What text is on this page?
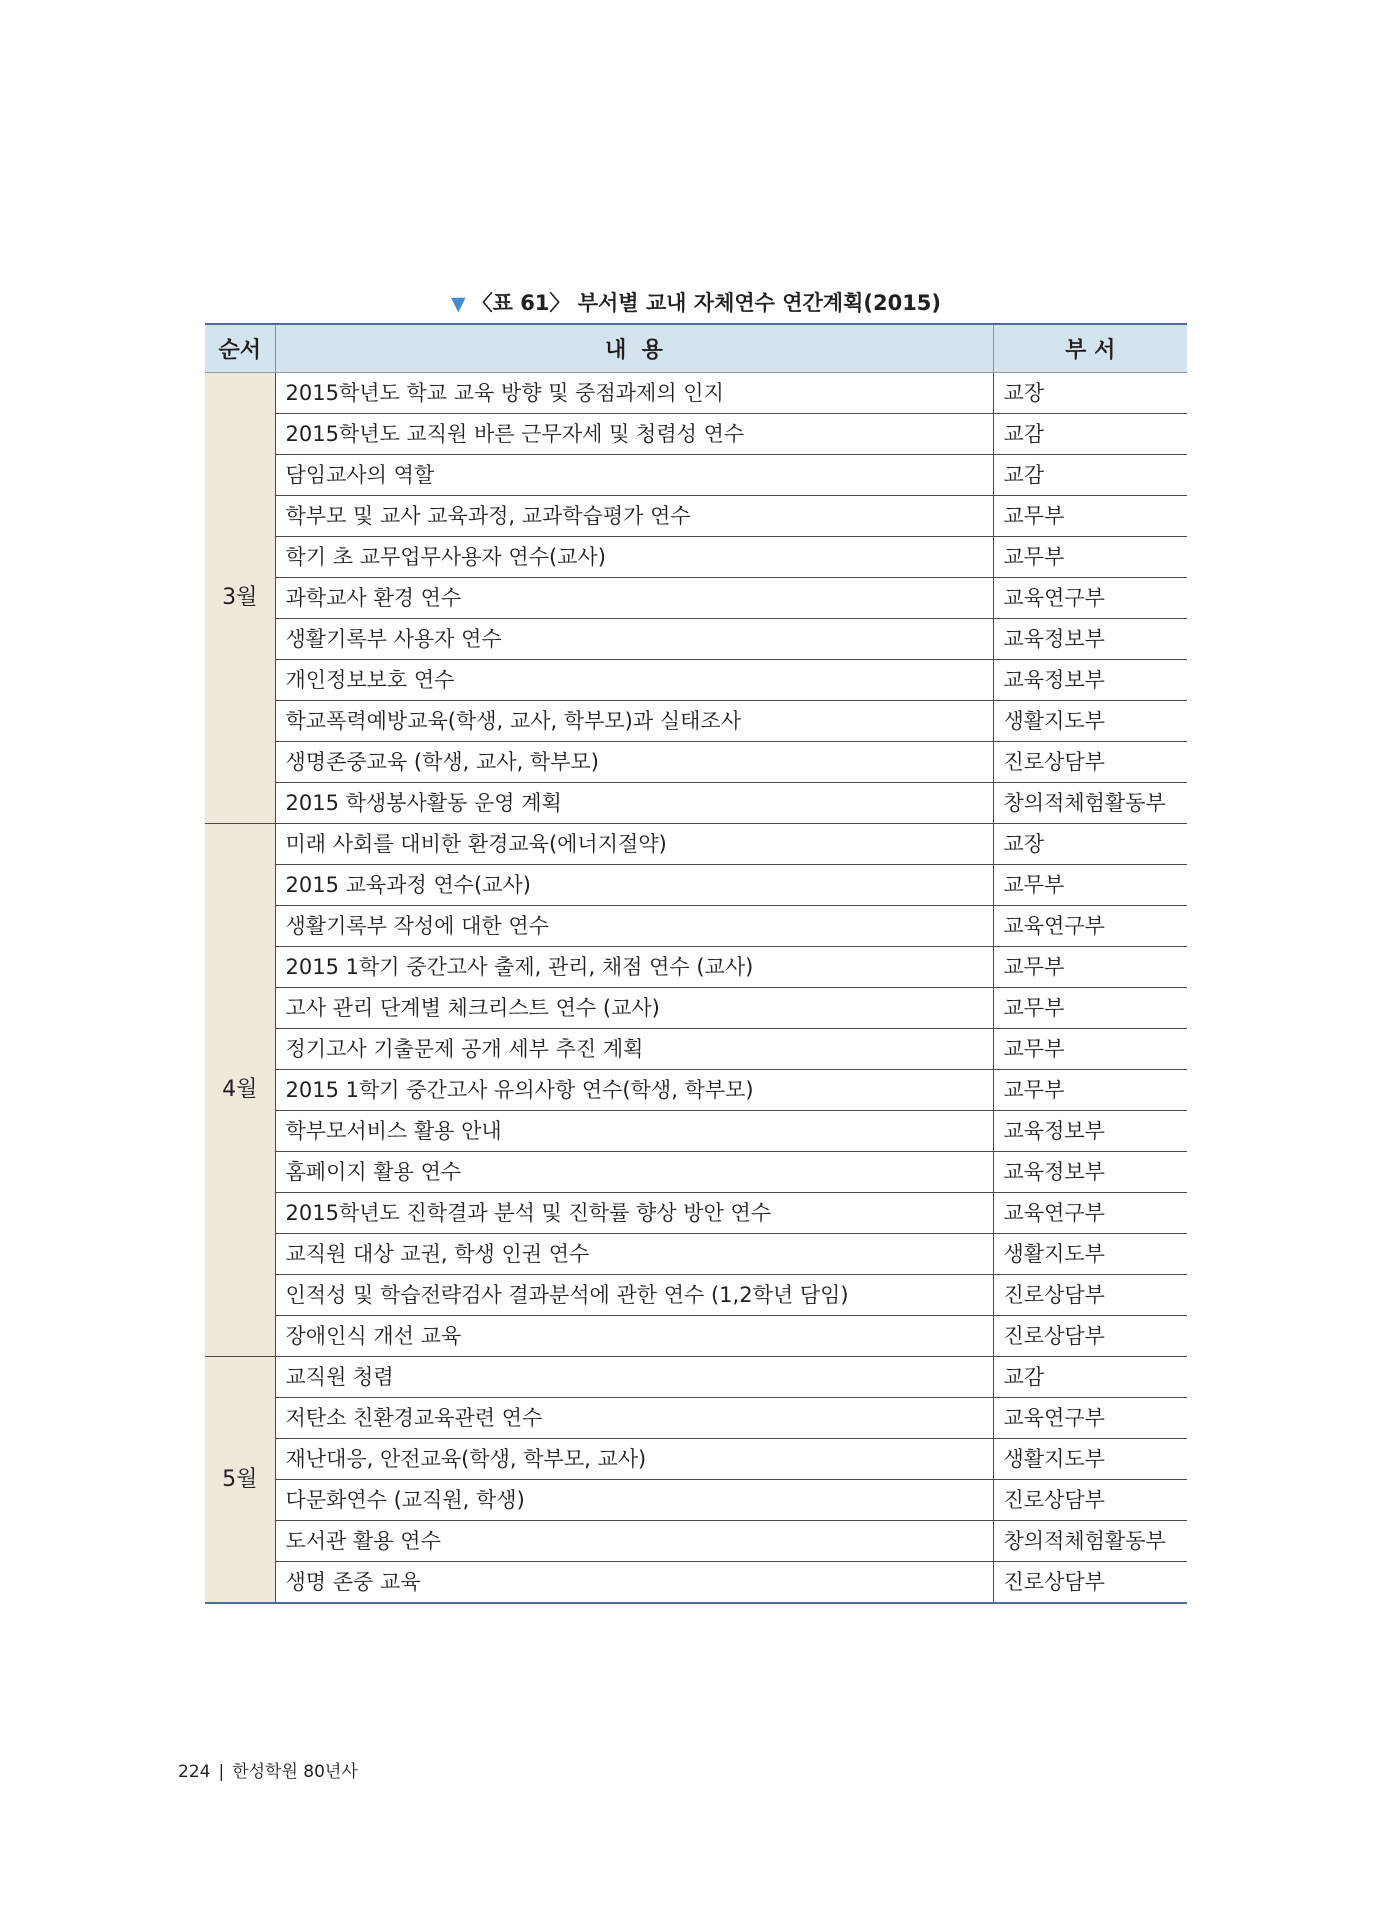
▼ 〈표 61〉 부서별 교내 자체연수 연간계획(2015)
순서	내  용	부 서
3월	2015학년도 학교 교육 방향 및 중점과제의 인지	교장
	2015학년도 교직원 바른 근무자세 및 청렴성 연수	교감
	담임교사의 역할	교감
	학부모 및 교사 교육과정, 교과학습평가 연수	교무부
	학기 초 교무업무사용자 연수(교사)	교무부
	과학교사 환경 연수	교육연구부
	생활기록부 사용자 연수	교육정보부
	개인정보보호 연수	교육정보부
	학교폭력예방교육(학생, 교사, 학부모)과 실태조사	생활지도부
	생명존중교육 (학생, 교사, 학부모)	진로상담부
	2015 학생봉사활동 운영 계획	창의적체험활동부
4월	미래 사회를 대비한 환경교육(에너지절약)	교장
	2015 교육과정 연수(교사)	교무부
	생활기록부 작성에 대한 연수	교육연구부
	2015 1학기 중간고사 출제, 관리, 채점 연수 (교사)	교무부
	고사 관리 단계별 체크리스트 연수 (교사)	교무부
	정기고사 기출문제 공개 세부 추진 계획	교무부
	2015 1학기 중간고사 유의사항 연수(학생, 학부모)	교무부
	학부모서비스 활용 안내	교육정보부
	홈페이지 활용 연수	교육정보부
	2015학년도 진학결과 분석 및 진학률 향상 방안 연수	교육연구부
	교직원 대상 교권, 학생 인권 연수	생활지도부
	인적성 및 학습전략검사 결과분석에 관한 연수 (1,2학년 담임)	진로상담부
	장애인식 개선 교육	진로상담부
5월	교직원 청렴	교감
	저탄소 친환경교육관련 연수	교육연구부
	재난대응, 안전교육(학생, 학부모, 교사)	생활지도부
	다문화연수 (교직원, 학생)	진로상담부
	도서관 활용 연수	창의적체험활동부
	생명 존중 교육	진로상담부
224 | 한성학원 80년사
